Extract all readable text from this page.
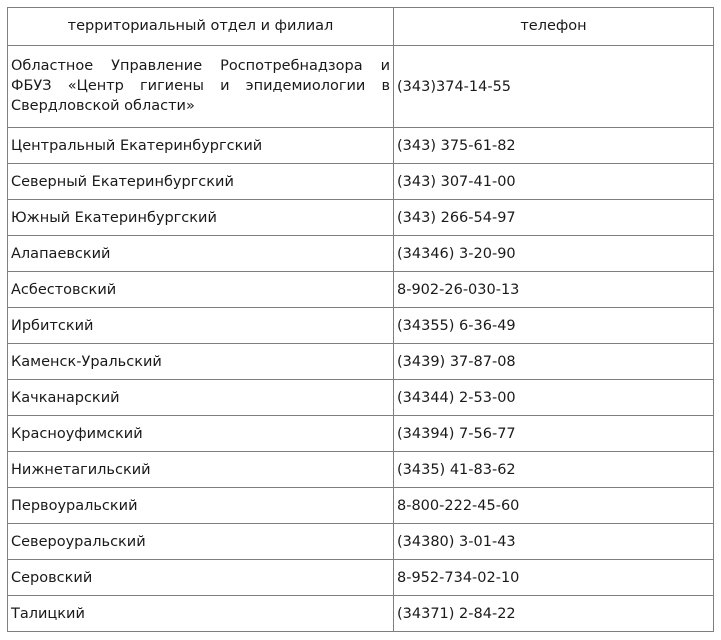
территориальный отдел и филиал	телефон
Областное Управление Роспотребнадзора и ФБУЗ «Центр гигиены и эпидемиологии в Свердловской области»	(343)374-14-55
Центральный Екатеринбургский	(343) 375-61-82
Северный Екатеринбургский	(343) 307-41-00
Южный Екатеринбургский	(343) 266-54-97
Алапаевский	(34346) 3-20-90
Асбестовский	8-902-26-030-13
Ирбитский	(34355) 6-36-49
Каменск-Уральский	(3439) 37-87-08
Качканарский	(34344) 2-53-00
Красноуфимский	(34394) 7-56-77
Нижнетагильский	(3435) 41-83-62
Первоуральский	8-800-222-45-60
Североуральский	(34380) 3-01-43
Серовский	8-952-734-02-10
Талицкий	(34371) 2-84-22
